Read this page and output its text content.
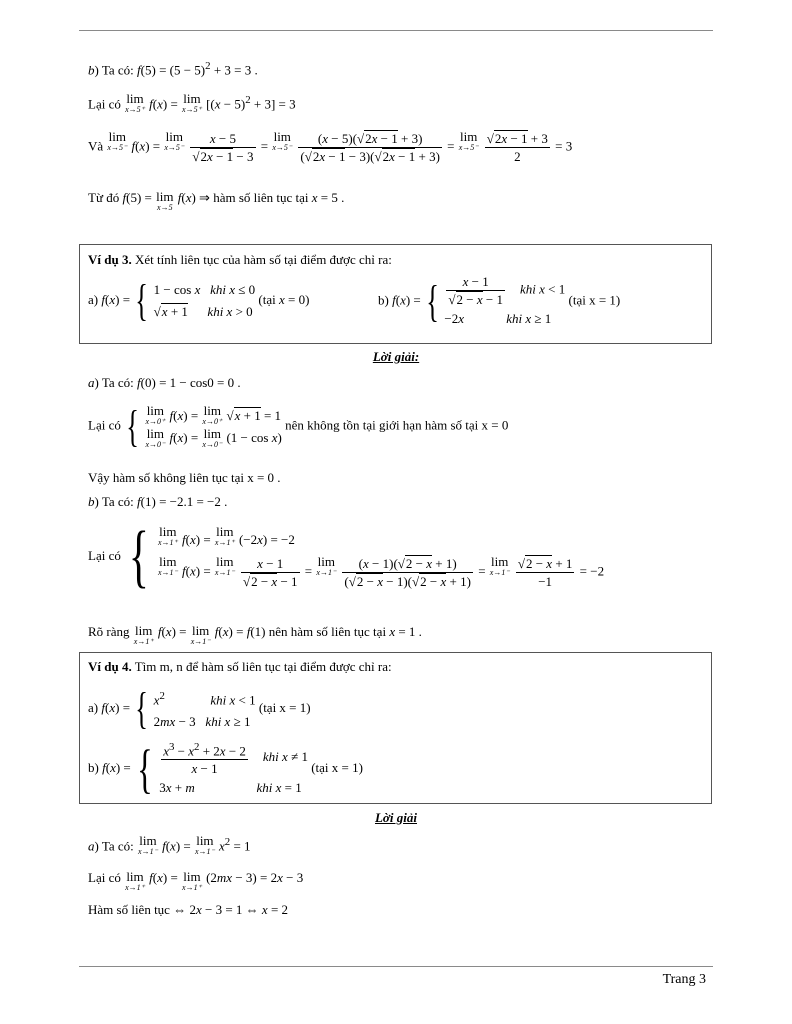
b) Ta có: $f(5) = (5 - 5)^2 + 3 = 3$ .
Lại có lim
x→5⁺ f(x) = lim
x→5⁺ $[(x - 5)^2 + 3] = 3$
Và lim
x→5⁻ f(x) = lim
x→5⁻
$\frac{x - 5}{√2x - 1 - 3} = \lim$
x→5⁻
$\frac{(x - 5)(√2x - 1 + 3)}{(√2x - 1 - 3)(√2x - 1 + 3)} = \lim$
x→5⁻
$\frac{√2x - 1 + 3}{2} = 3$
Từ đó f(5) = lim
x→5
f(x) ⇒ hàm số liên tục tại x = 5 .
Ví dụ 3. Xét tính liên tục của hàm số tại điểm được chỉ ra:
a) f(x) = { 1 − cos x khi x ≤ 0
√x + 1 khi x > 0
(tại x = 0)	b) f(x) = { $\frac{x - 1}{√2 - x - 1}$ khi x < 1
−2x	khi x ≥ 1
(tại x = 1)
Lời giải:
a) Ta có: f(0) = 1 − cos0 = 0 .
Lại có { lim
x→0⁺ f(x) = lim
x→0⁺ √x + 1 = 1
lim
x→0⁻ f(x) = lim
x→0⁻ (1 − cos x)
nên không tồn tại giới hạn hàm số tại x = 0
Vậy hàm số không liên tục tại x = 0 .
b) Ta có: f(1) = −2.1 = −2 .
Lại có { lim
x→1⁺ f(x) = lim
x→1⁺ (−2x) = −2
lim
x→1⁻ f(x) = lim
x→1⁻
$\frac{x - 1}{√2 - x - 1} = \lim$
x→1⁻
$\frac{(x - 1)(√2 - x + 1)}{(√2 - x - 1)(√2 - x + 1)} = \lim$
x→1⁻
$\frac{√2 - x + 1}{-1} = -2$
Rõ ràng lim
x→1⁺
f(x) = lim
x→1⁻
f(x) = f(1) nên hàm số liên tục tại x = 1 .
Ví dụ 4. Tìm m, n để hàm số liên tục tại điểm được chỉ ra:
a) f(x) = { $x^2$	khi x < 1
2mx − 3   khi x ≥ 1
(tại x = 1)
b) f(x) = { $\frac{x^3 - x^2 + 2x - 2}{x - 1}$ khi x ≠ 1
3x + m	khi x = 1
(tại x = 1)
Lời giải
a) Ta có: lim
x→1⁻ f(x) = lim
x→1⁻ $x^2 = 1$
Lại có lim
x→1⁺
f(x) = lim
x→1⁺
(2mx − 3) = 2x − 3
Hàm số liên tục ⇔ 2x − 3 = 1 ⇔ x = 2
Trang 3
